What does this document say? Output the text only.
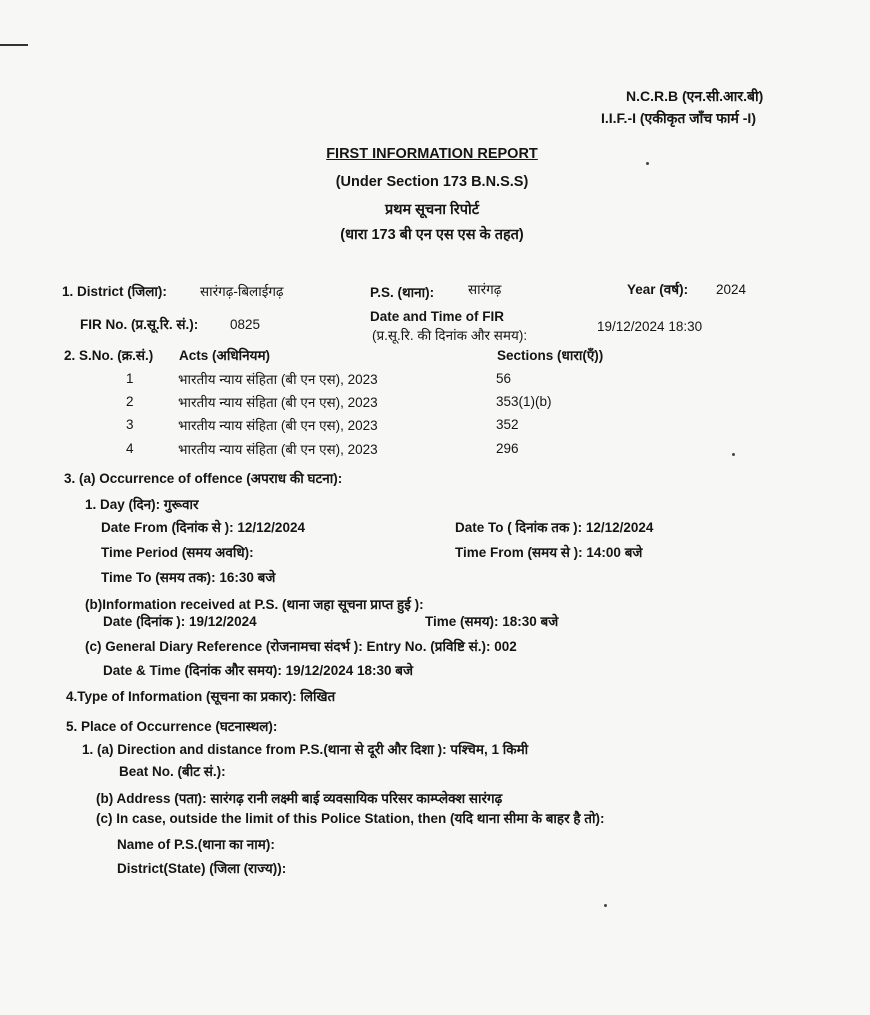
N.C.R.B (एन.सी.आर.बी)
I.I.F.-I (एकीकृत जाँच फार्म -I)
FIRST INFORMATION REPORT
(Under Section 173 B.N.S.S)
प्रथम सूचना रिपोर्ट
(धारा 173 बी एन एस एस के तहत)
1. District (जिला): सारंगढ़-बिलाईगढ़	P.S. (थाना):	सारंगढ़	Year (वर्ष): 2024
FIR No. (प्र.सू.रि. सं.): 0825
Date and Time of FIR
(प्र.सू.रि. की दिनांक और समय):
19/12/2024 18:30
2. S.No. (क्र.सं.) Acts (अधिनियम)	Sections (धारा(एँ))
1	भारतीय न्याय संहिता (बी एन एस), 2023	56
2	भारतीय न्याय संहिता (बी एन एस), 2023	353(1)(b)
3	भारतीय न्याय संहिता (बी एन एस), 2023	352
4	भारतीय न्याय संहिता (बी एन एस), 2023	296
3. (a) Occurrence of offence (अपराध की घटना):
1. Day (दिन): गुरूवार
Date From (दिनांक से ): 12/12/2024	Date To ( दिनांक तक ): 12/12/2024
Time Period (समय अवधि):	Time From (समय से ): 14:00 बजे
Time To (समय तक): 16:30 बजे
(b)Information received at P.S. (थाना जहा सूचना प्राप्त हुई ):
Date (दिनांक ): 19/12/2024	Time (समय): 18:30 बजे
(c) General Diary Reference (रोजनामचा संदर्भ ): Entry No. (प्रविष्टि सं.): 002
Date & Time (दिनांक और समय): 19/12/2024 18:30 बजे
4.Type of Information (सूचना का प्रकार): लिखित
5. Place of Occurrence (घटनास्थल):
1. (a) Direction and distance from P.S.(थाना से दूरी और दिशा ): पश्चिम, 1 किमी
Beat No. (बीट सं.):
(b) Address (पता): सारंगढ़ रानी लक्ष्मी बाई व्यवसायिक परिसर काम्प्लेक्श सारंगढ़
(c) In case, outside the limit of this Police Station, then (यदि थाना सीमा के बाहर है तो):
Name of P.S.(थाना का नाम):
District(State) (जिला (राज्य)):
